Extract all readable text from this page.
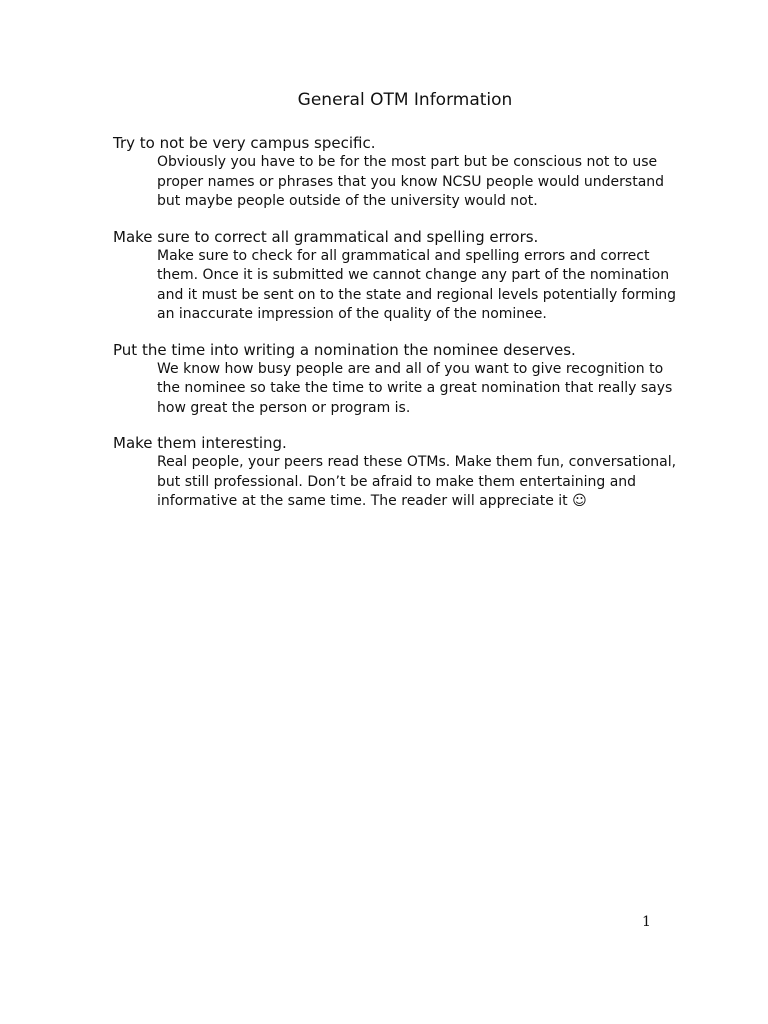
General OTM Information

Try to not be very campus specific.

Obviously you have to be for the most part but be conscious not to use
proper names or phrases that you know NCSU people would understand
but maybe people outside of the university would not.

Make sure to correct all grammatical and spelling errors.

Make sure to check for all grammatical and spelling errors and correct
them. Once it is submitted we cannot change any part of the nomination
and it must be sent on to the state and regional levels potentially forming
an inaccurate impression of the quality of the nominee.

Put the time into writing a nomination the nominee deserves.

We know how busy people are and all of you want to give recognition to
the nominee so take the time to write a great nomination that really says
how great the person or program is.

Make them interesting.

Real people, your peers read these OTMs. Make them fun, conversational,
but still professional. Don’t be afraid to make them entertaining and
informative at the same time. The reader will appreciate it ☺
1
